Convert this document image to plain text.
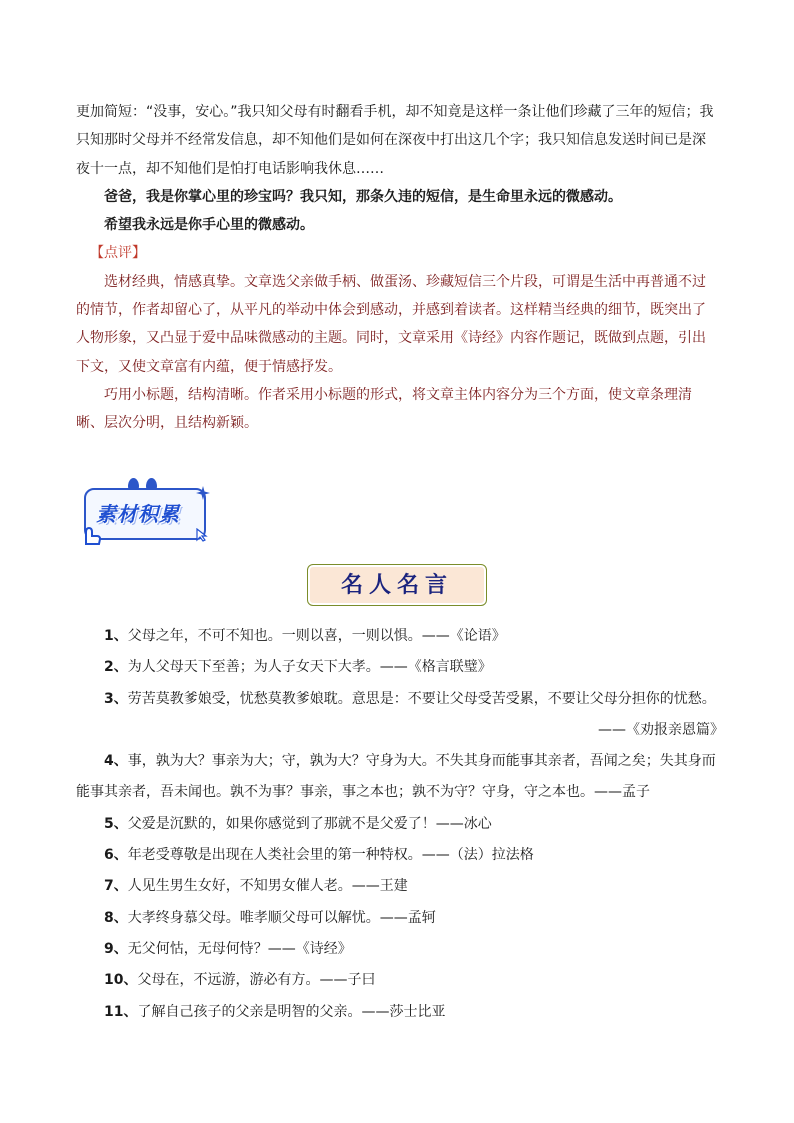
更加简短：“没事，安心。”我只知父母有时翻看手机，却不知竟是这样一条让他们珍藏了三年的短信；我只知那时父母并不经常发信息，却不知他们是如何在深夜中打出这几个字；我只知信息发送时间已是深夜十一点，却不知他们是怕打电话影响我休息……

爸爸，我是你掌心里的珍宝吗？我只知，那条久违的短信，是生命里永远的微感动。

希望我永远是你手心里的微感动。

【点评】

选材经典，情感真挚。文章选父亲做手柄、做蛋汤、珍藏短信三个片段，可谓是生活中再普通不过的情节，作者却留心了，从平凡的举动中体会到感动，并感到着读者。这样精当经典的细节，既突出了人物形象，又凸显于爱中品味微感动的主题。同时，文章采用《诗经》内容作题记，既做到点题，引出下文，又使文章富有内蕴，便于情感抒发。

巧用小标题，结构清晰。作者采用小标题的形式，将文章主体内容分为三个方面，使文章条理清晰、层次分明，且结构新颖。

素材积累
名人名言

1、父母之年，不可不知也。一则以喜，一则以惧。——《论语》

2、为人父母天下至善；为人子女天下大孝。——《格言联璧》

3、劳苦莫教爹娘受，忧愁莫教爹娘耽。意思是：不要让父母受苦受累，不要让父母分担你的忧愁。

——《劝报亲恩篇》

4、事，孰为大？事亲为大；守，孰为大？守身为大。不失其身而能事其亲者，吾闻之矣；失其身而能事其亲者，吾未闻也。孰不为事？事亲，事之本也；孰不为守？守身，守之本也。——孟子

5、父爱是沉默的，如果你感觉到了那就不是父爱了！——冰心

6、年老受尊敬是出现在人类社会里的第一种特权。——（法）拉法格

7、人见生男生女好，不知男女催人老。——王建

8、大孝终身慕父母。唯孝顺父母可以解忧。——孟轲

9、无父何怙，无母何恃？——《诗经》

10、父母在，不远游，游必有方。——子曰

11、了解自己孩子的父亲是明智的父亲。——莎士比亚
